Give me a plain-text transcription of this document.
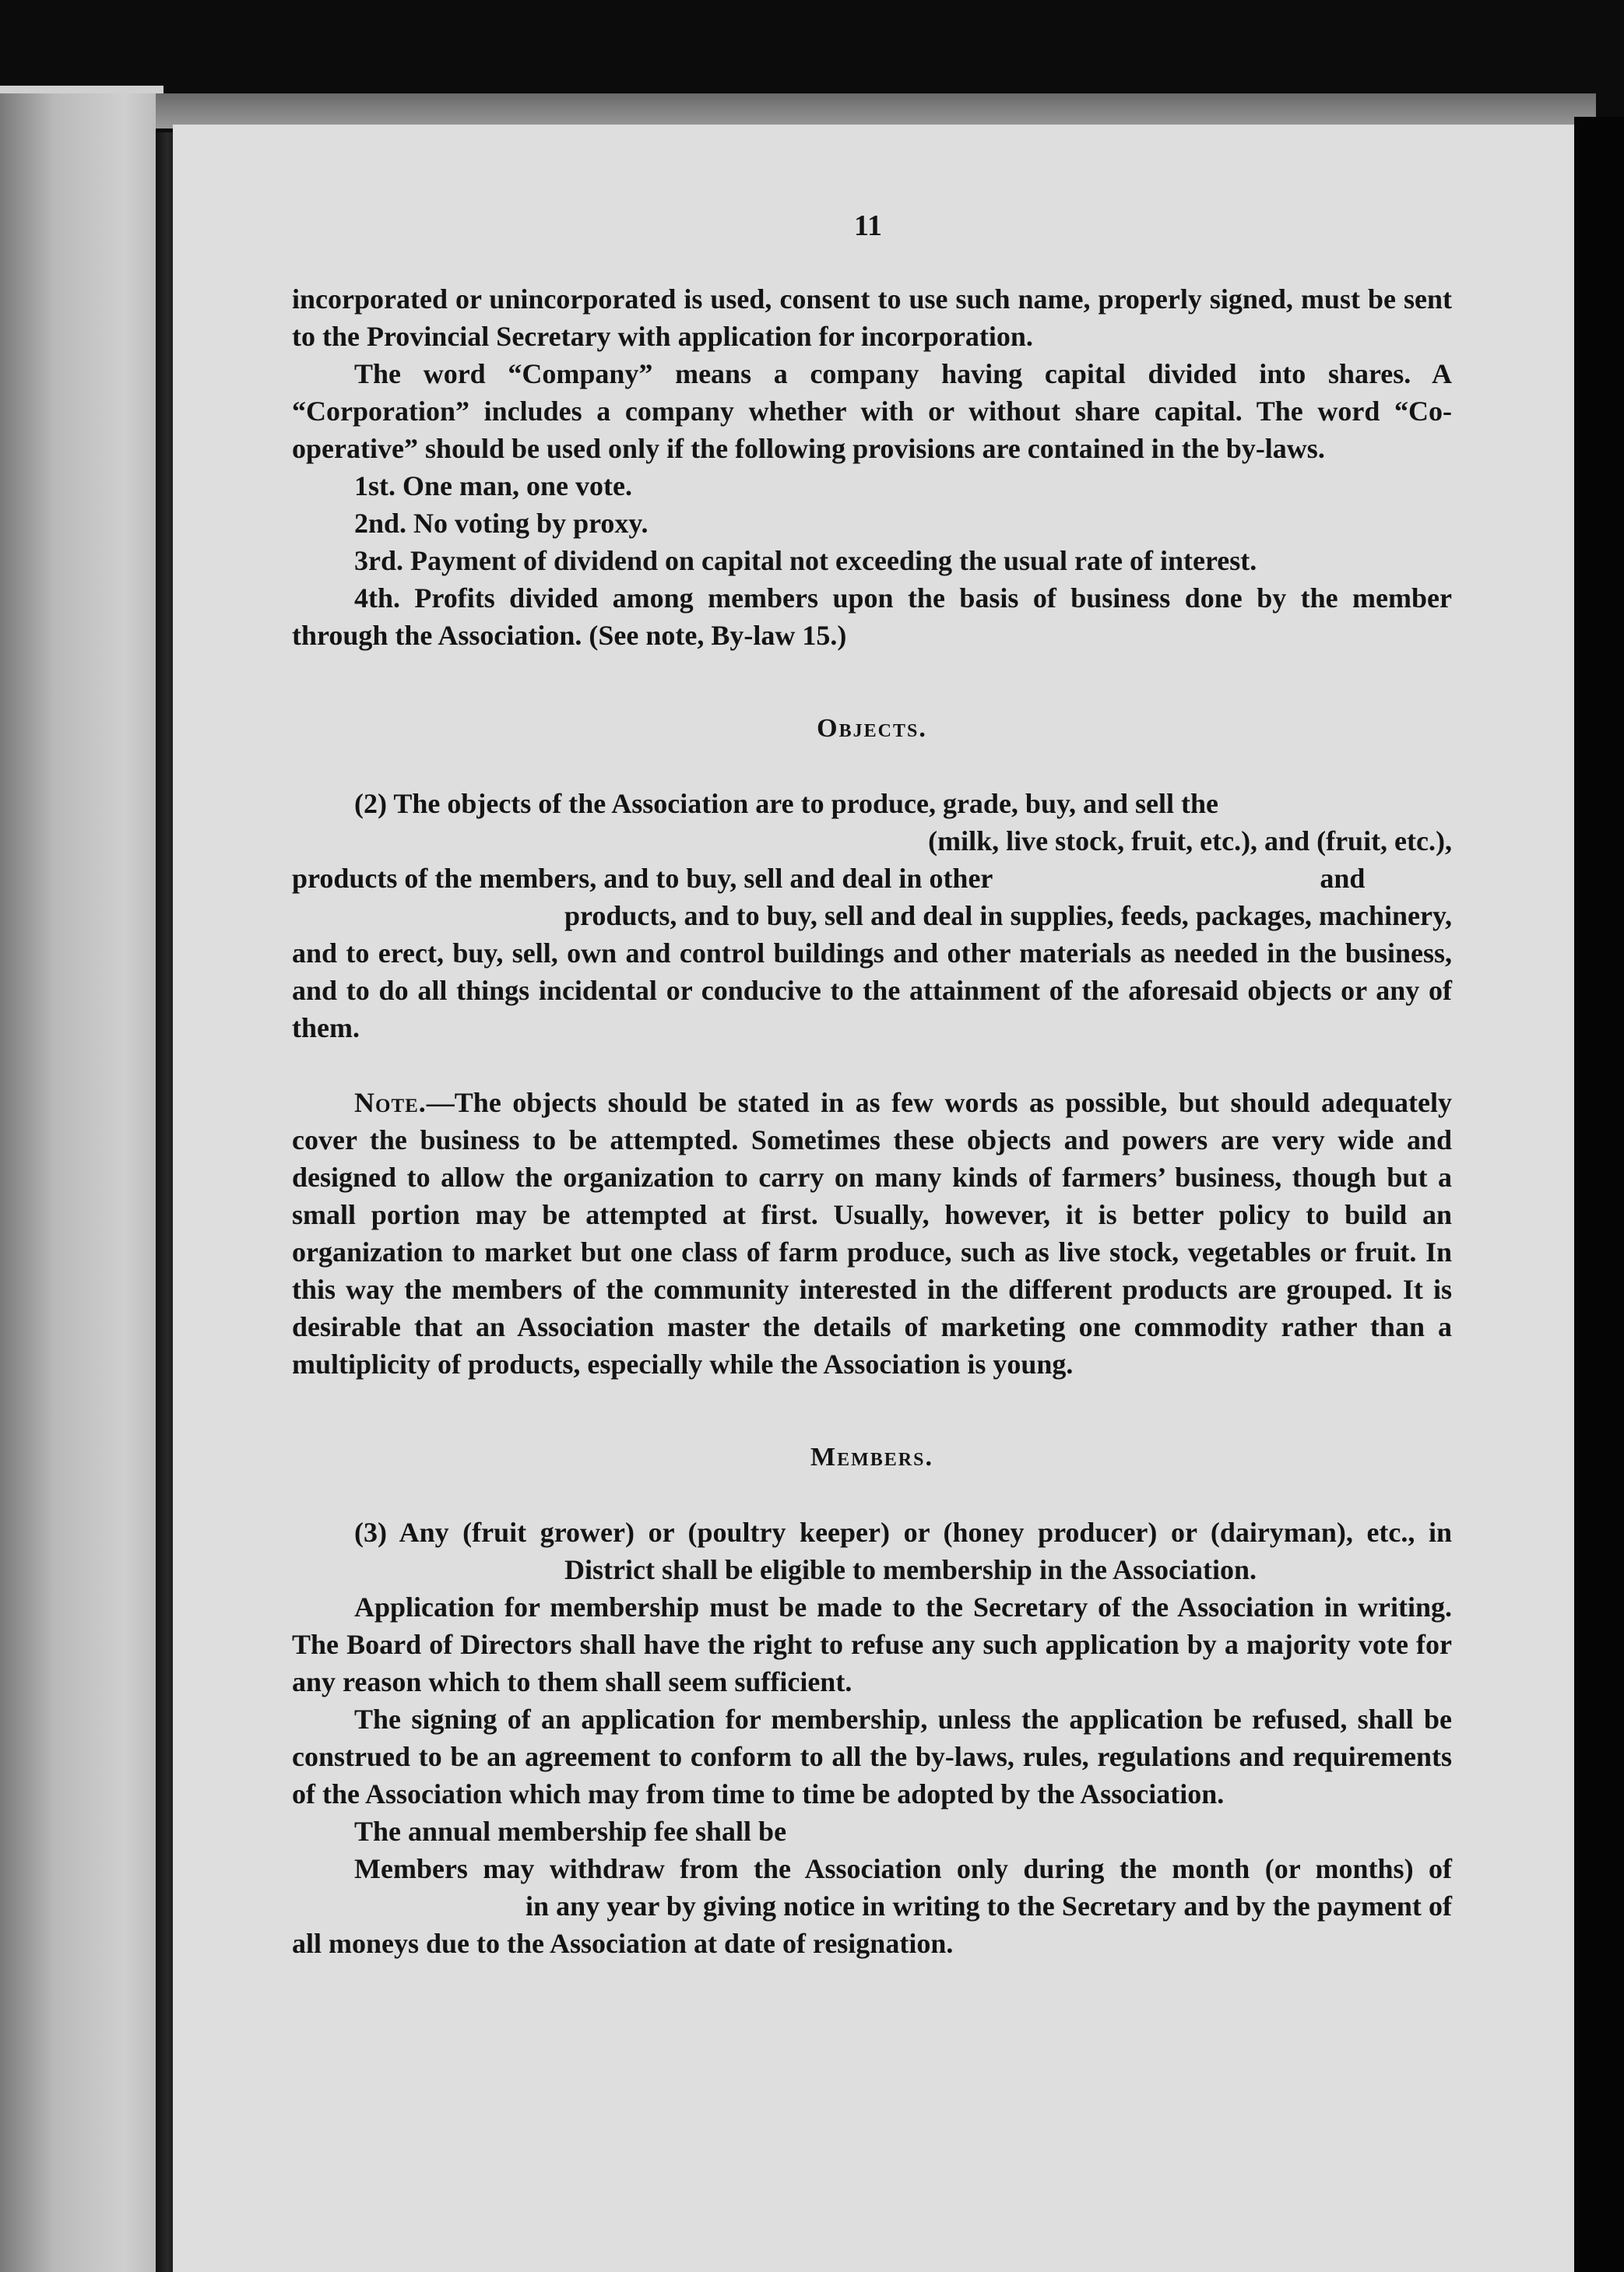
11

incorporated or unincorporated is used, consent to use such name, properly signed, must be sent to the Provincial Secretary with application for incorporation.

The word “Company” means a company having capital divided into shares. A “Corporation” includes a company whether with or without share capital. The word “Co-operative” should be used only if the following provisions are contained in the by-laws.

1st. One man, one vote.

2nd. No voting by proxy.

3rd. Payment of dividend on capital not exceeding the usual rate of interest.

4th. Profits divided among members upon the basis of business done by the member through the Association. (See note, By-law 15.)

Objects.

(2) The objects of the Association are to produce, grade, buy, and sell the

(milk, live stock, fruit, etc.), and (fruit, etc.),

products of the members, and to buy, sell and deal in other	and

products, and to buy, sell and deal in supplies, feeds, packages, machinery, and to erect, buy, sell, own and control buildings and other materials as needed in the business, and to do all things incidental or conducive to the attainment of the aforesaid objects or any of them.

Note.—The objects should be stated in as few words as possible, but should adequately cover the business to be attempted. Sometimes these objects and powers are very wide and designed to allow the organization to carry on many kinds of farmers’ business, though but a small portion may be attempted at first. Usually, however, it is better policy to build an organization to market but one class of farm produce, such as live stock, vegetables or fruit. In this way the members of the community interested in the different products are grouped. It is desirable that an Association master the details of marketing one commodity rather than a multiplicity of products, especially while the Association is young.

Members.

(3) Any (fruit grower) or (poultry keeper) or (honey producer) or (dairyman), etc., inDistrict shall be eligible to membership in the Association.

Application for membership must be made to the Secretary of the Association in writing. The Board of Directors shall have the right to refuse any such application by a majority vote for any reason which to them shall seem sufficient.

The signing of an application for membership, unless the application be refused, shall be construed to be an agreement to conform to all the by-laws, rules, regulations and requirements of the Association which may from time to time be adopted by the Association.

The annual membership fee shall be

Members may withdraw from the Association only during the month (or months) ofin any year by giving notice in writing to the Secretary and by the payment of all moneys due to the Association at date of resignation.
